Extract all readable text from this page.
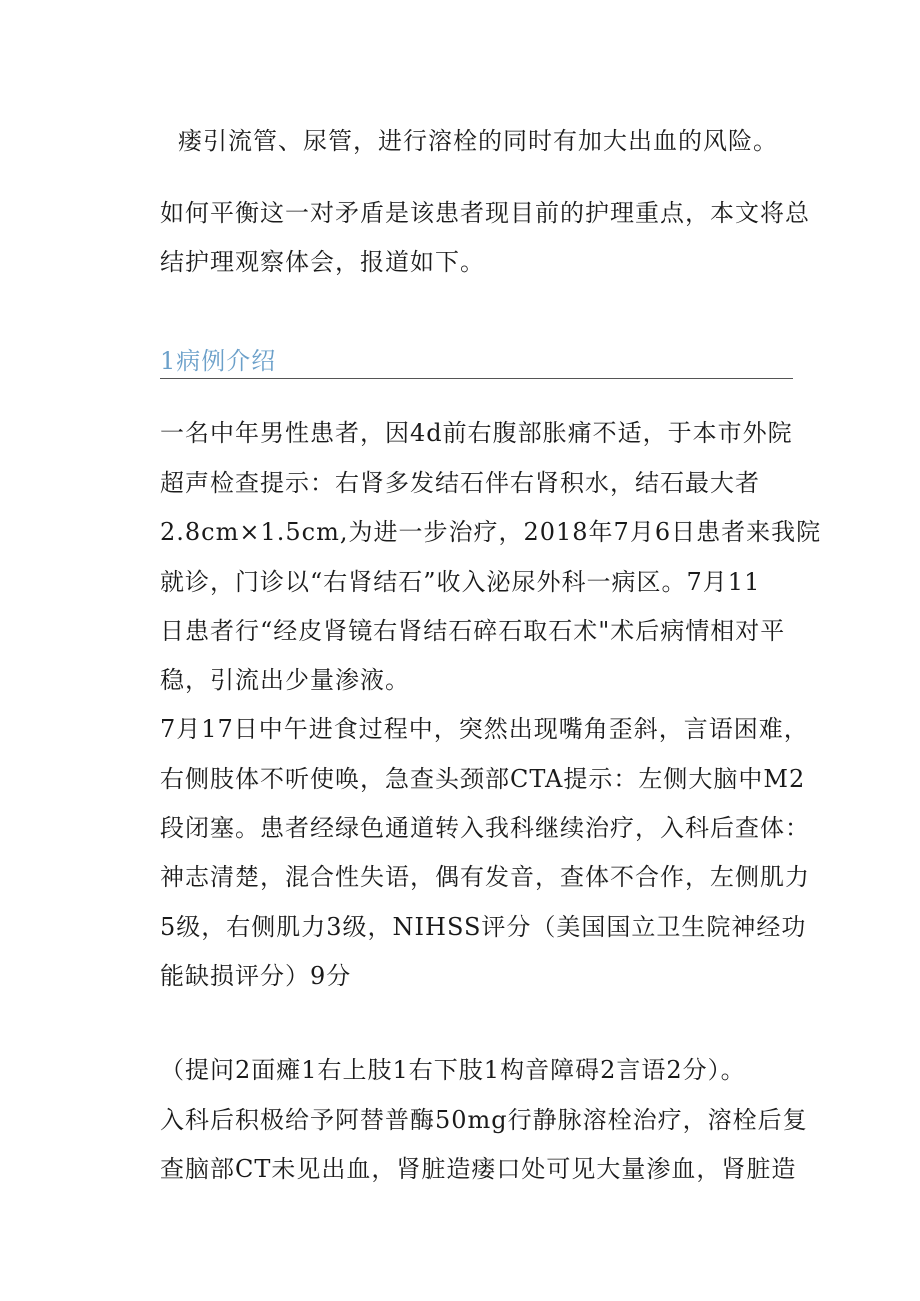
瘘引流管、尿管，进行溶栓的同时有加大出血的风险。
如何平衡这一对矛盾是该患者现目前的护理重点，本文将总
结护理观察体会，报道如下。
1病例介绍
一名中年男性患者，因4d前右腹部胀痛不适，于本市外院
超声检查提示：右肾多发结石伴右肾积水，结石最大者
2.8cm×1.5cm,为进一步治疗，2018年7月6日患者来我院
就诊，门诊以“右肾结石”收入泌尿外科一病区。7月11
日患者行“经皮肾镜右肾结石碎石取石术"术后病情相对平
稳，引流出少量渗液。
7月17日中午进食过程中，突然出现嘴角歪斜，言语困难，
右侧肢体不听使唤，急查头颈部CTA提示：左侧大脑中M2
段闭塞。患者经绿色通道转入我科继续治疗，入科后查体：
神志清楚，混合性失语，偶有发音，查体不合作，左侧肌力
5级，右侧肌力3级，NIHSS评分（美国国立卫生院神经功
能缺损评分）9分
（提问2面瘫1右上肢1右下肢1构音障碍2言语2分）。
入科后积极给予阿替普酶50mg行静脉溶栓治疗，溶栓后复
查脑部CT未见出血，肾脏造瘘口处可见大量渗血，肾脏造
